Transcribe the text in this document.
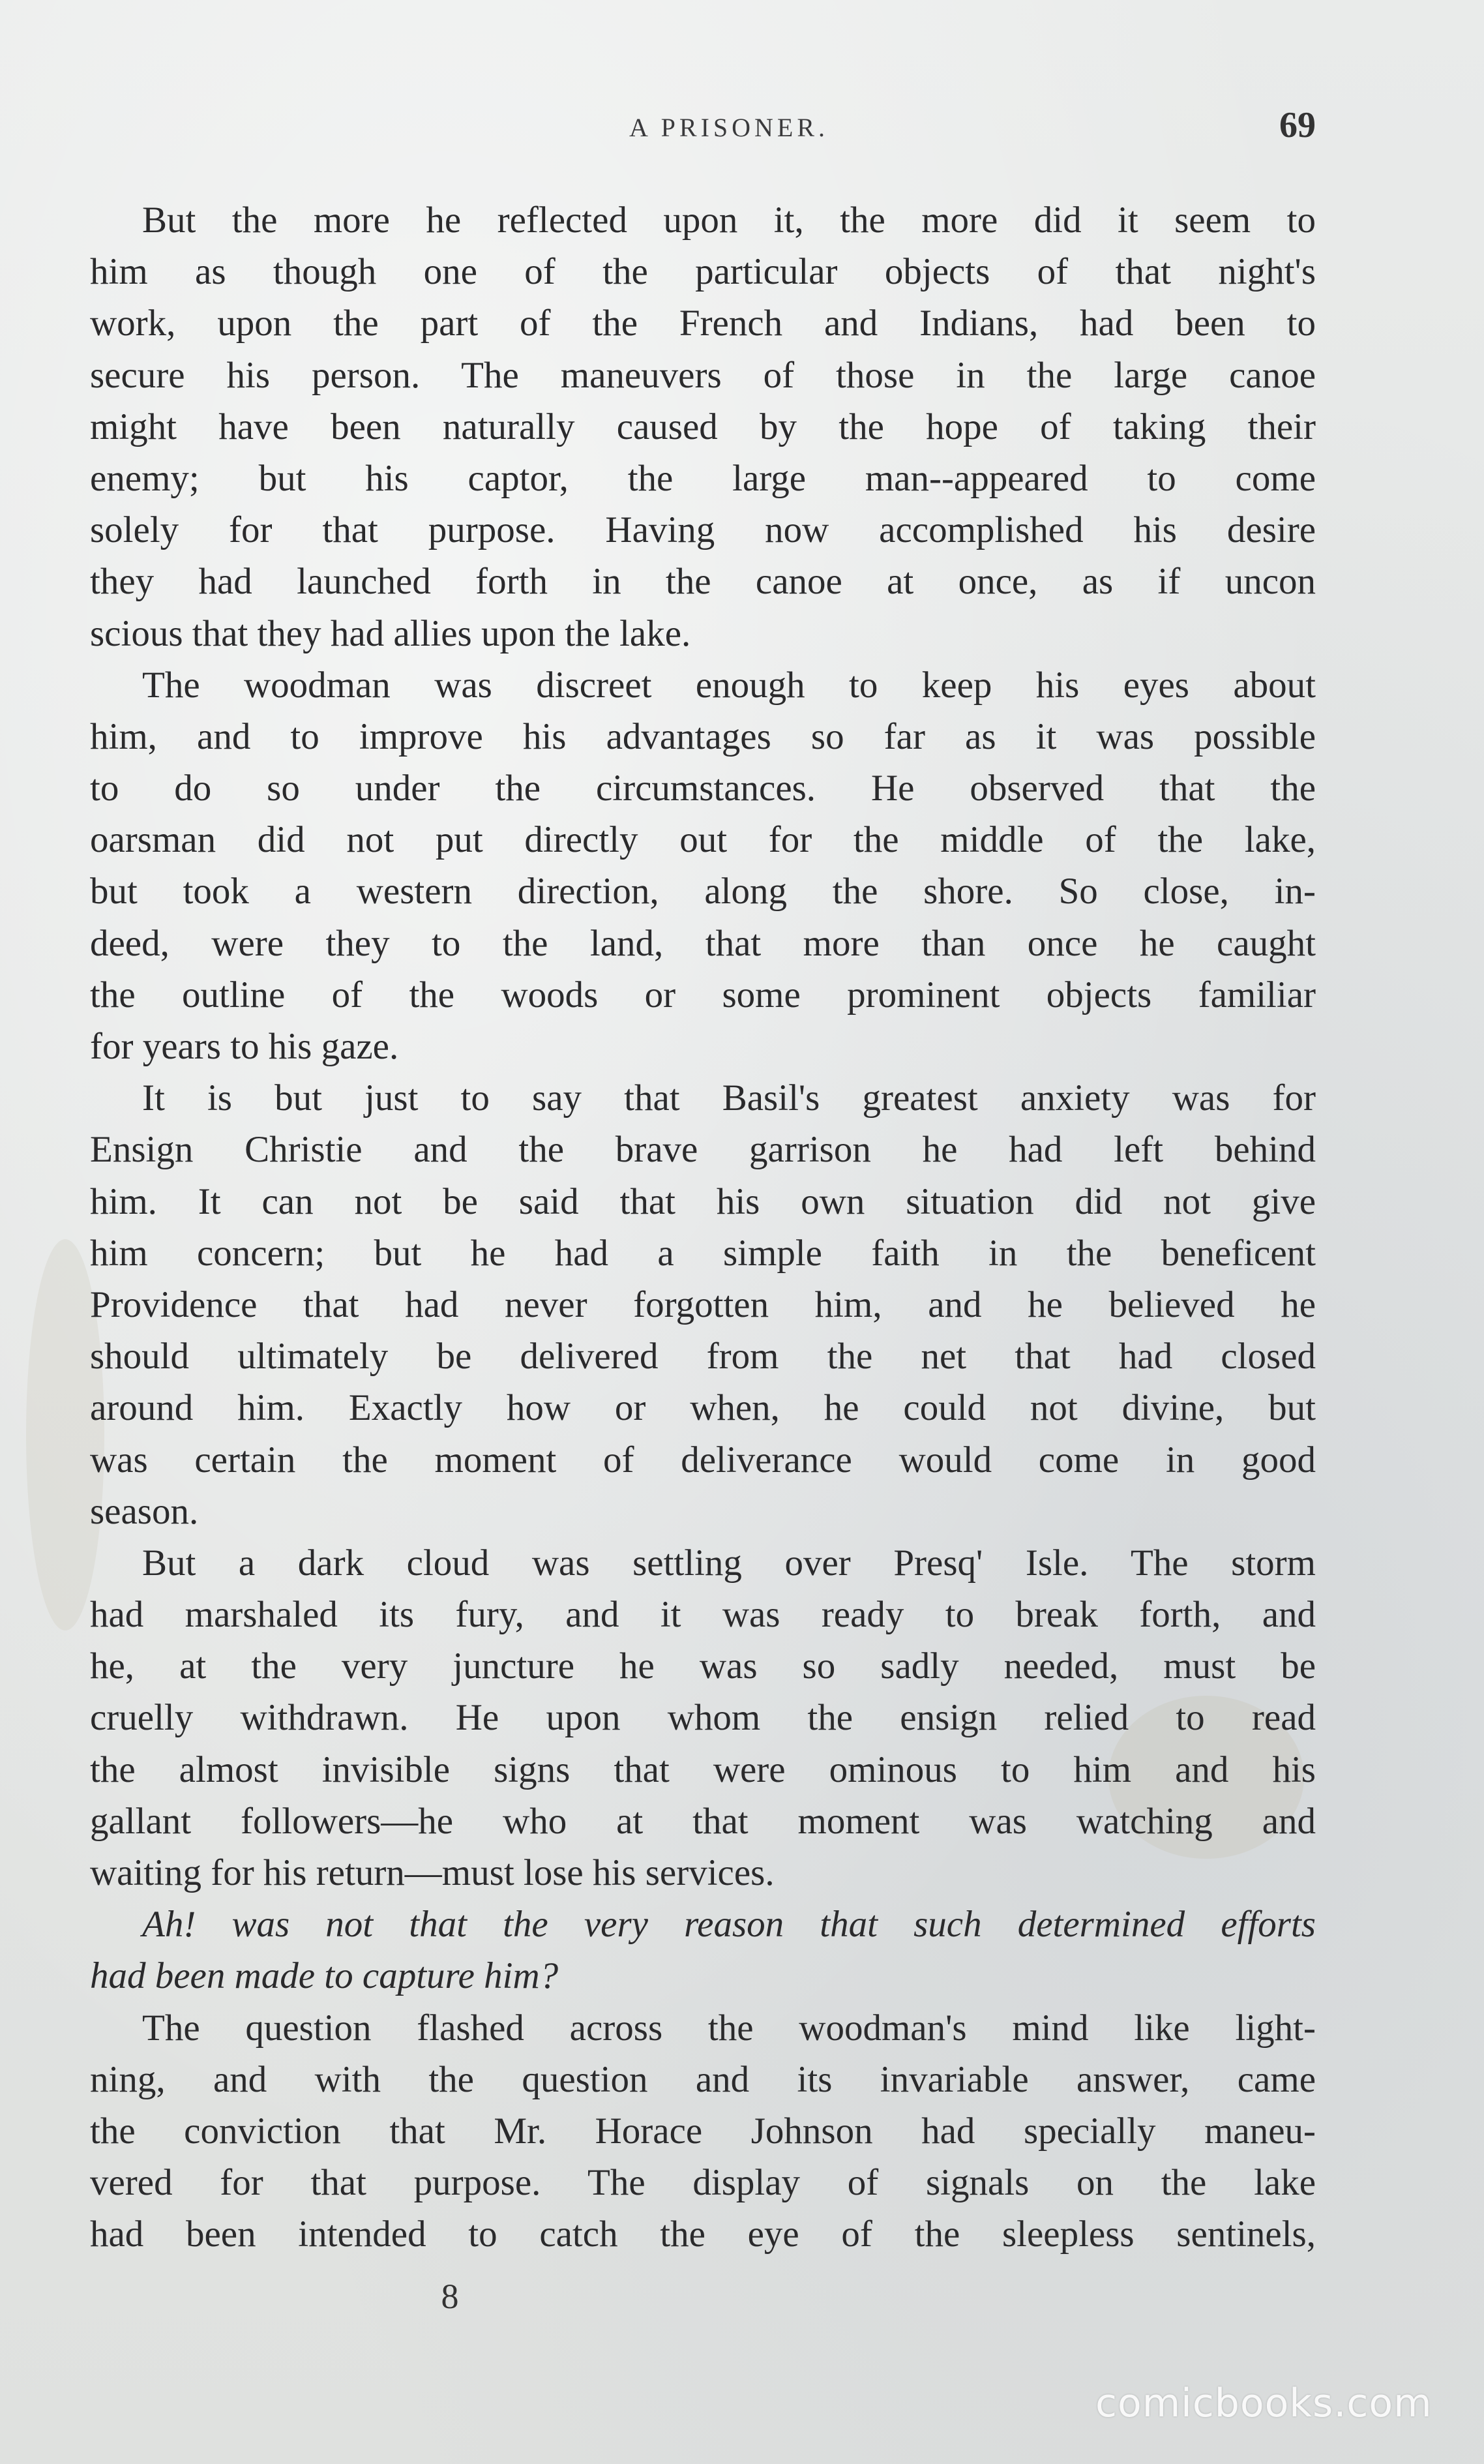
A PRISONER.	69
But the more he reflected upon it, the more did it seem to
him as though one of the particular objects of that night's
work, upon the part of the French and Indians, had been to
secure his person. The maneuvers of those in the large canoe
might have been naturally caused by the hope of taking their
enemy; but his captor, the large man--appeared to come
solely for that purpose. Having now accomplished his desire
they had launched forth in the canoe at once, as if uncon
scious that they had allies upon the lake.
The woodman was discreet enough to keep his eyes about
him, and to improve his advantages so far as it was possible
to do so under the circumstances. He observed that the
oarsman did not put directly out for the middle of the lake,
but took a western direction, along the shore. So close, in-
deed, were they to the land, that more than once he caught
the outline of the woods or some prominent objects familiar
for years to his gaze.
It is but just to say that Basil's greatest anxiety was for
Ensign Christie and the brave garrison he had left behind
him. It can not be said that his own situation did not give
him concern; but he had a simple faith in the beneficent
Providence that had never forgotten him, and he believed he
should ultimately be delivered from the net that had closed
around him. Exactly how or when, he could not divine, but
was certain the moment of deliverance would come in good
season.
But a dark cloud was settling over Presq' Isle. The storm
had marshaled its fury, and it was ready to break forth, and
he, at the very juncture he was so sadly needed, must be
cruelly withdrawn. He upon whom the ensign relied to read
the almost invisible signs that were ominous to him and his
gallant followers—he who at that moment was watching and
waiting for his return—must lose his services.
Ah! was not that the very reason that such determined efforts
had been made to capture him?
The question flashed across the woodman's mind like light-
ning, and with the question and its invariable answer, came
the conviction that Mr. Horace Johnson had specially maneu-
vered for that purpose. The display of signals on the lake
had been intended to catch the eye of the sleepless sentinels,
8
comicbooks.com
